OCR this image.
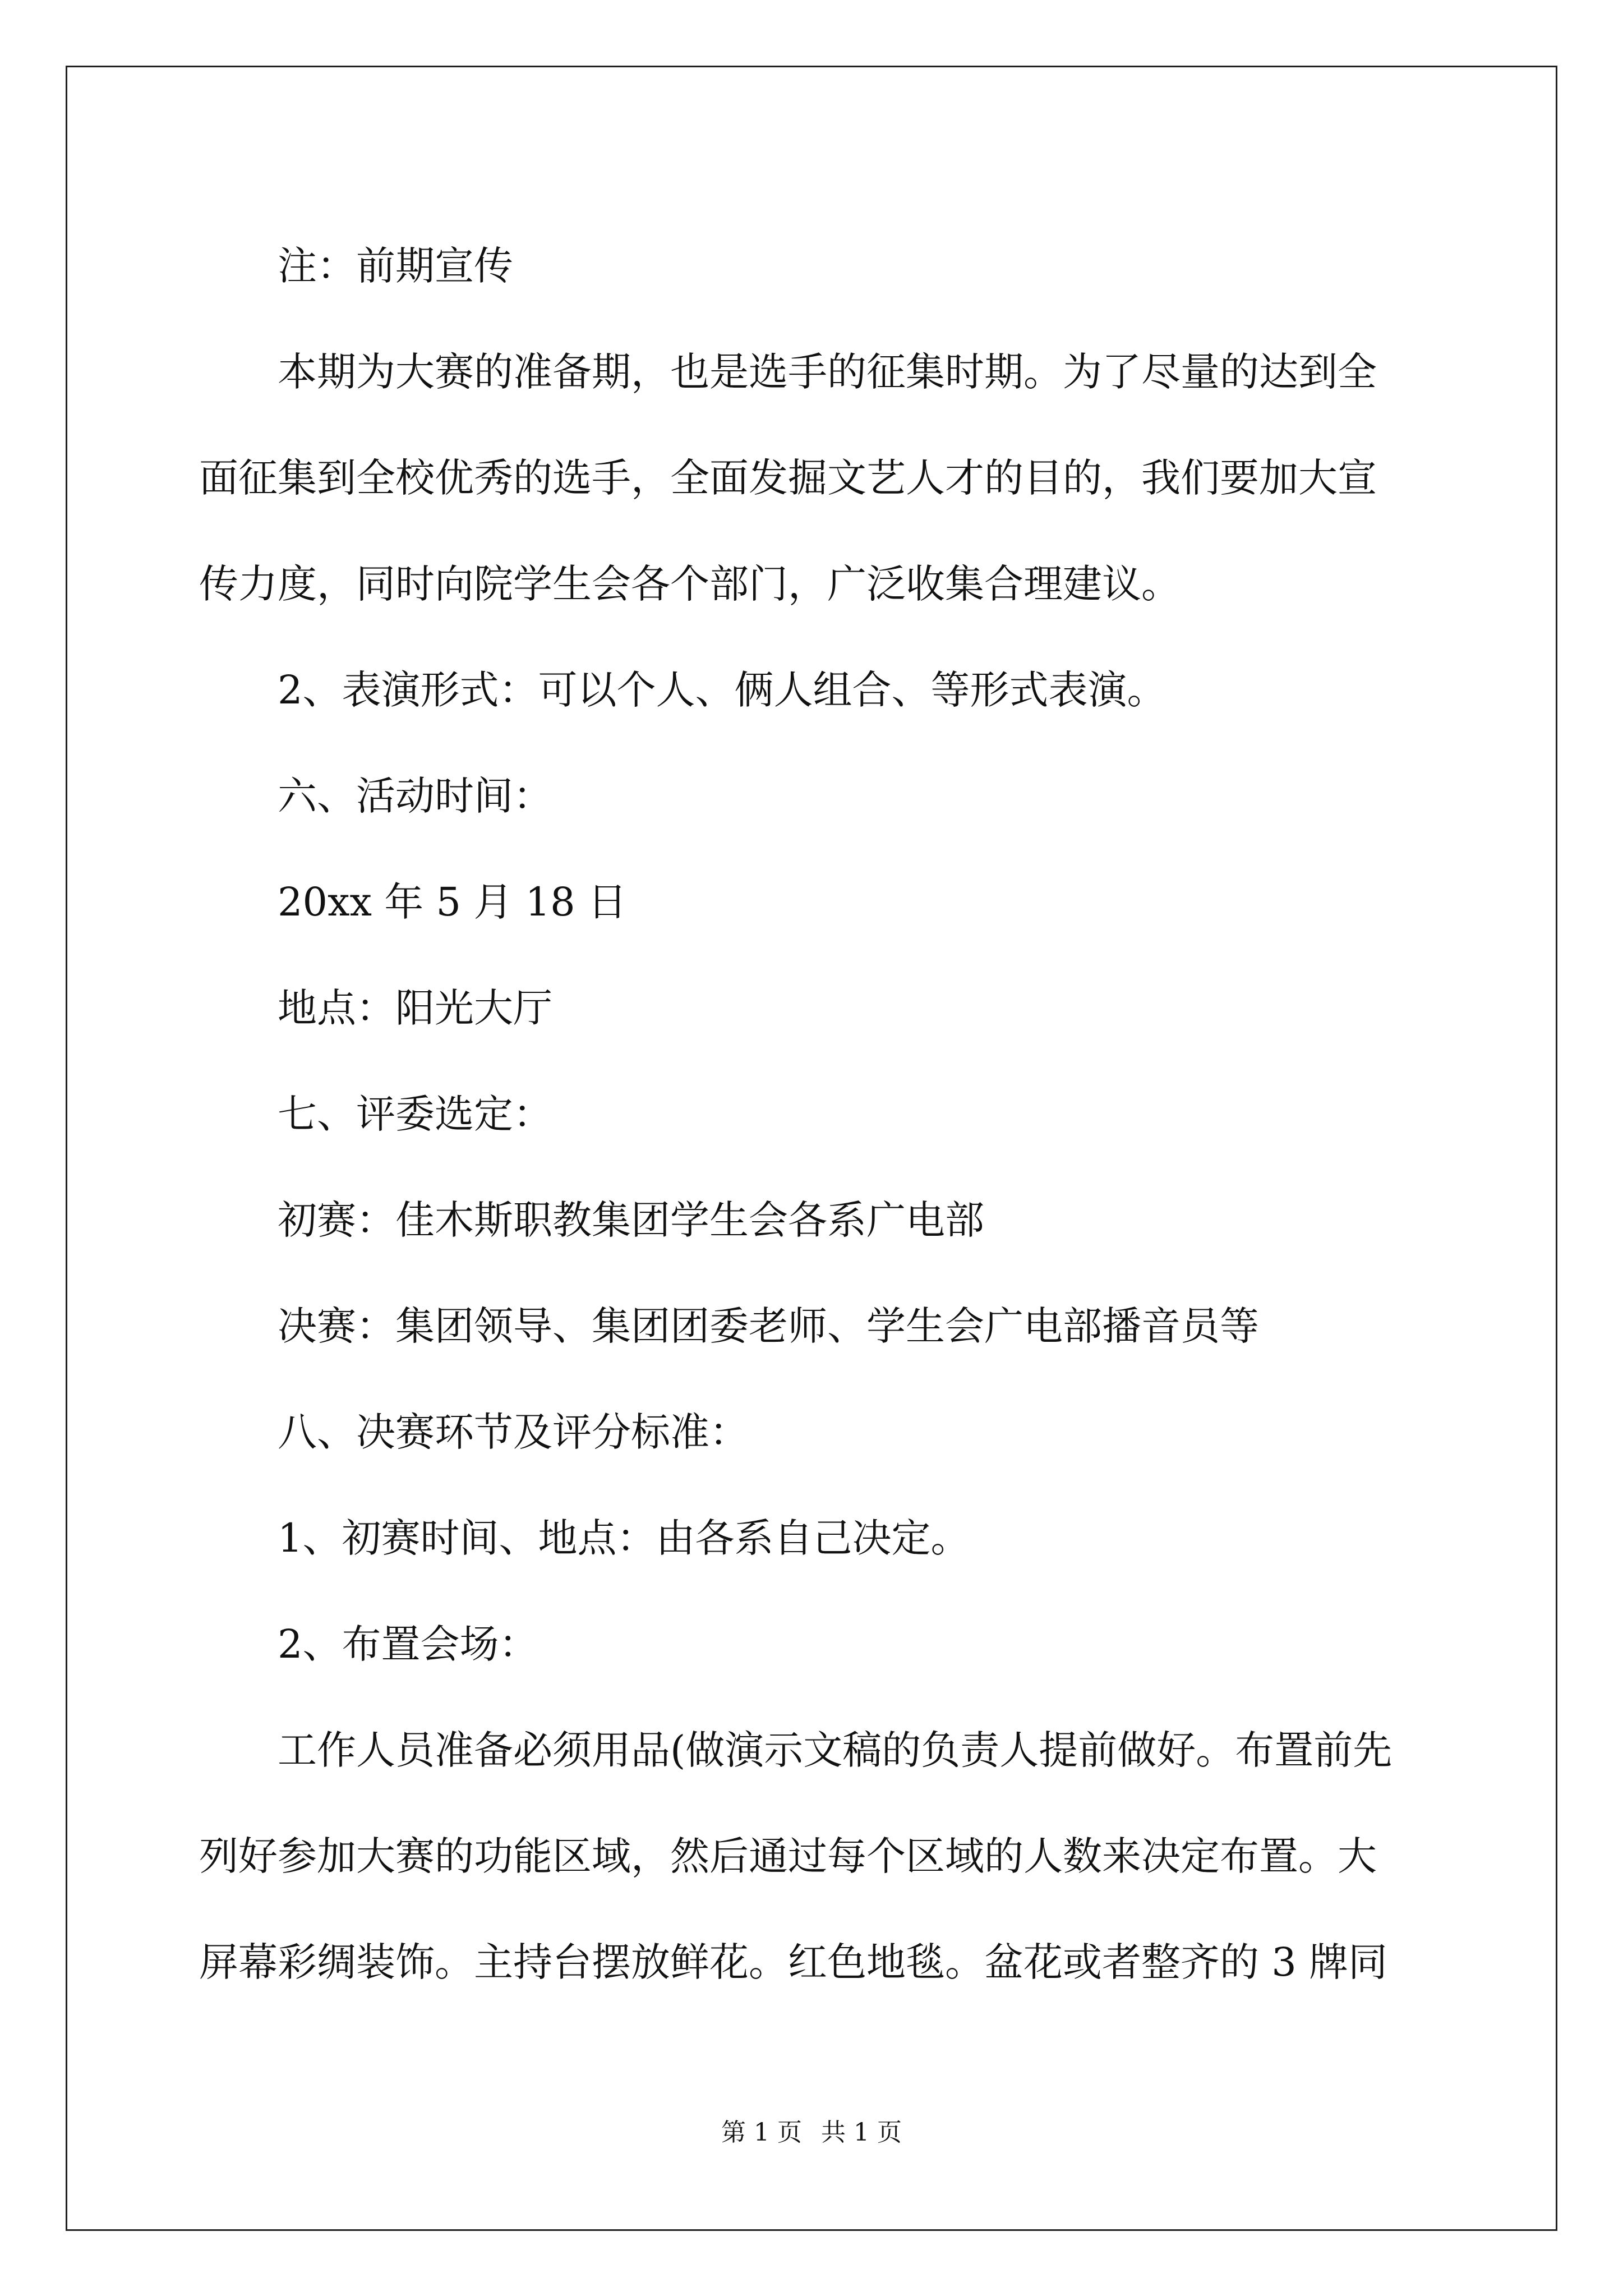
注：前期宣传

本期为大赛的准备期，也是选手的征集时期。为了尽量的达到全
面征集到全校优秀的选手，全面发掘文艺人才的目的，我们要加大宣
传力度，同时向院学生会各个部门，广泛收集合理建议。

2、表演形式：可以个人、俩人组合、等形式表演。

六、活动时间：

20xx 年 5 月 18 日

地点：阳光大厅

七、评委选定：

初赛：佳木斯职教集团学生会各系广电部

决赛：集团领导、集团团委老师、学生会广电部播音员等

八、决赛环节及评分标准：

1、初赛时间、地点：由各系自己决定。

2、布置会场：

工作人员准备必须用品(做演示文稿的负责人提前做好。布置前先
列好参加大赛的功能区域，然后通过每个区域的人数来决定布置。大
屏幕彩绸装饰。主持台摆放鲜花。红色地毯。盆花或者整齐的 3 牌同
第 1 页 共 1 页
